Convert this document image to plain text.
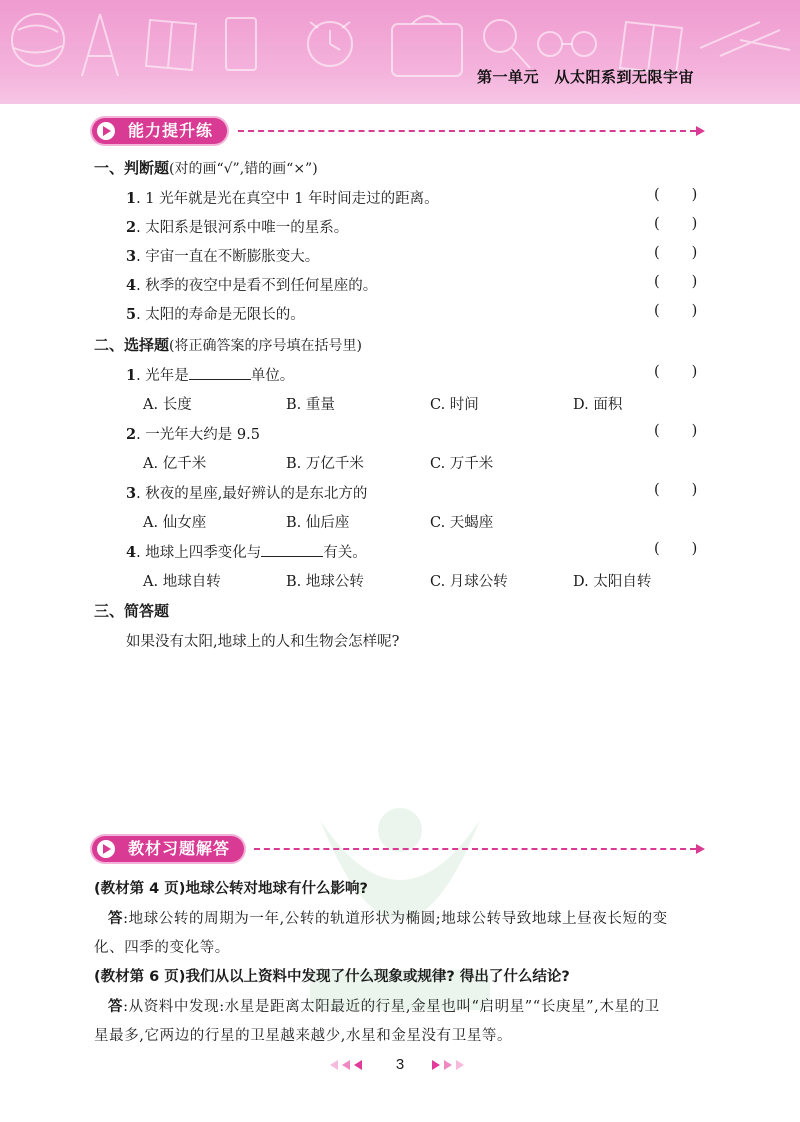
第一单元　从太阳系到无限宇宙
能力提升练
一、判断题(对的画“√”,错的画“×”)
1. 1 光年就是光在真空中 1 年时间走过的距离。	( )
2. 太阳系是银河系中唯一的星系。	( )
3. 宇宙一直在不断膨胀变大。	( )
4. 秋季的夜空中是看不到任何星座的。	( )
5. 太阳的寿命是无限长的。	( )
二、选择题(将正确答案的序号填在括号里)
1. 光年是	单位。	( )
A. 长度	B. 重量	C. 时间	D. 面积
2. 一光年大约是 9.5	( )
A. 亿千米	B. 万亿千米	C. 万千米
3. 秋夜的星座,最好辨认的是东北方的	( )
A. 仙女座	B. 仙后座	C. 天蝎座
4. 地球上四季变化与	有关。	( )
A. 地球自转	B. 地球公转	C. 月球公转	D. 太阳自转
三、简答题
如果没有太阳,地球上的人和生物会怎样呢?
教材习题解答
(教材第 4 页)地球公转对地球有什么影响?
答:地球公转的周期为一年,公转的轨道形状为椭圆;地球公转导致地球上昼夜长短的变
化、四季的变化等。
(教材第 6 页)我们从以上资料中发现了什么现象或规律? 得出了什么结论?
答:从资料中发现:水星是距离太阳最近的行星,金星也叫“启明星”“长庚星”,木星的卫
星最多,它两边的行星的卫星越来越少,水星和金星没有卫星等。
3
